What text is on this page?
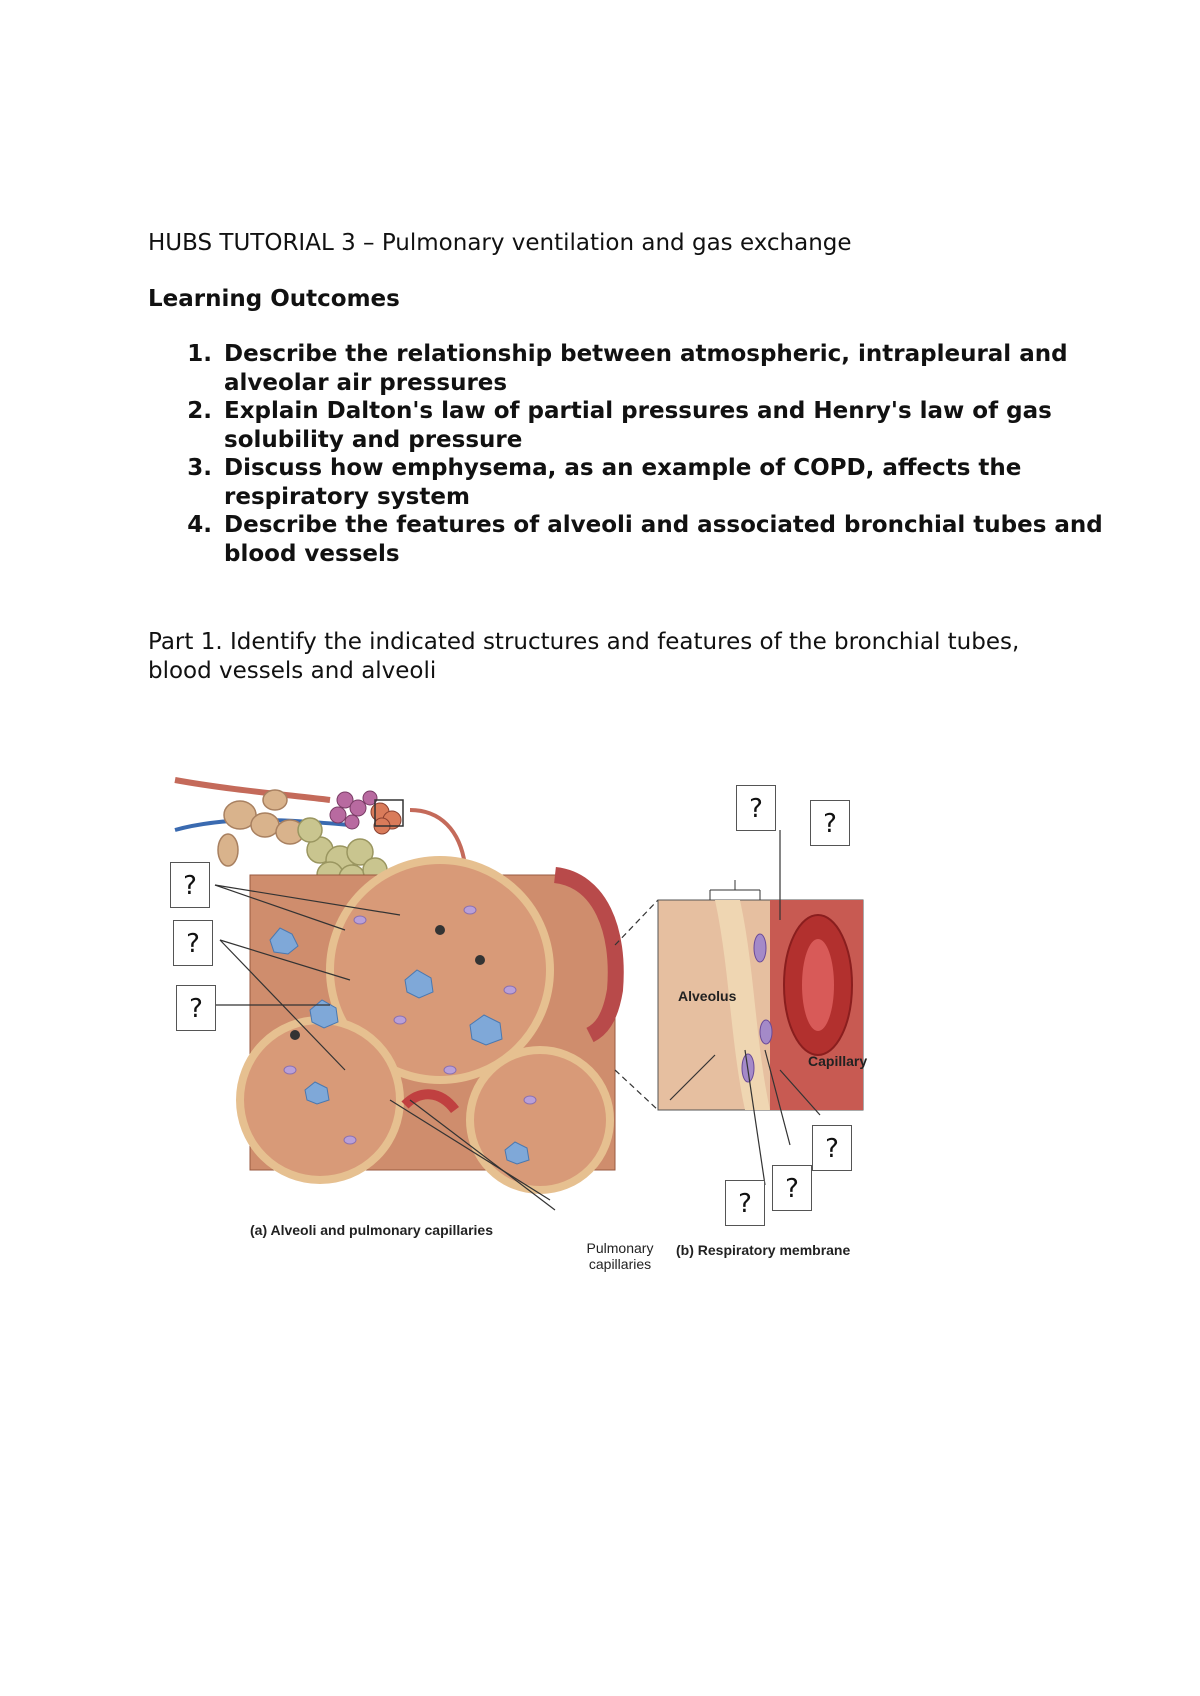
HUBS TUTORIAL 3 – Pulmonary ventilation and gas exchange
Learning Outcomes
1. Describe the relationship between atmospheric, intrapleural and alveolar air pressures
2. Explain Dalton's law of partial pressures and Henry's law of gas solubility and pressure
3. Discuss how emphysema, as an example of COPD, affects the respiratory system
4. Describe the features of alveoli and associated bronchial tubes and blood vessels
Part 1. Identify the indicated structures and features of the bronchial tubes, blood vessels and alveoli
?
?
?
?	?
?
?
?
Alveolus
Capillary
(a) Alveoli and pulmonary capillaries
Pulmonary capillaries
(b) Respiratory membrane
